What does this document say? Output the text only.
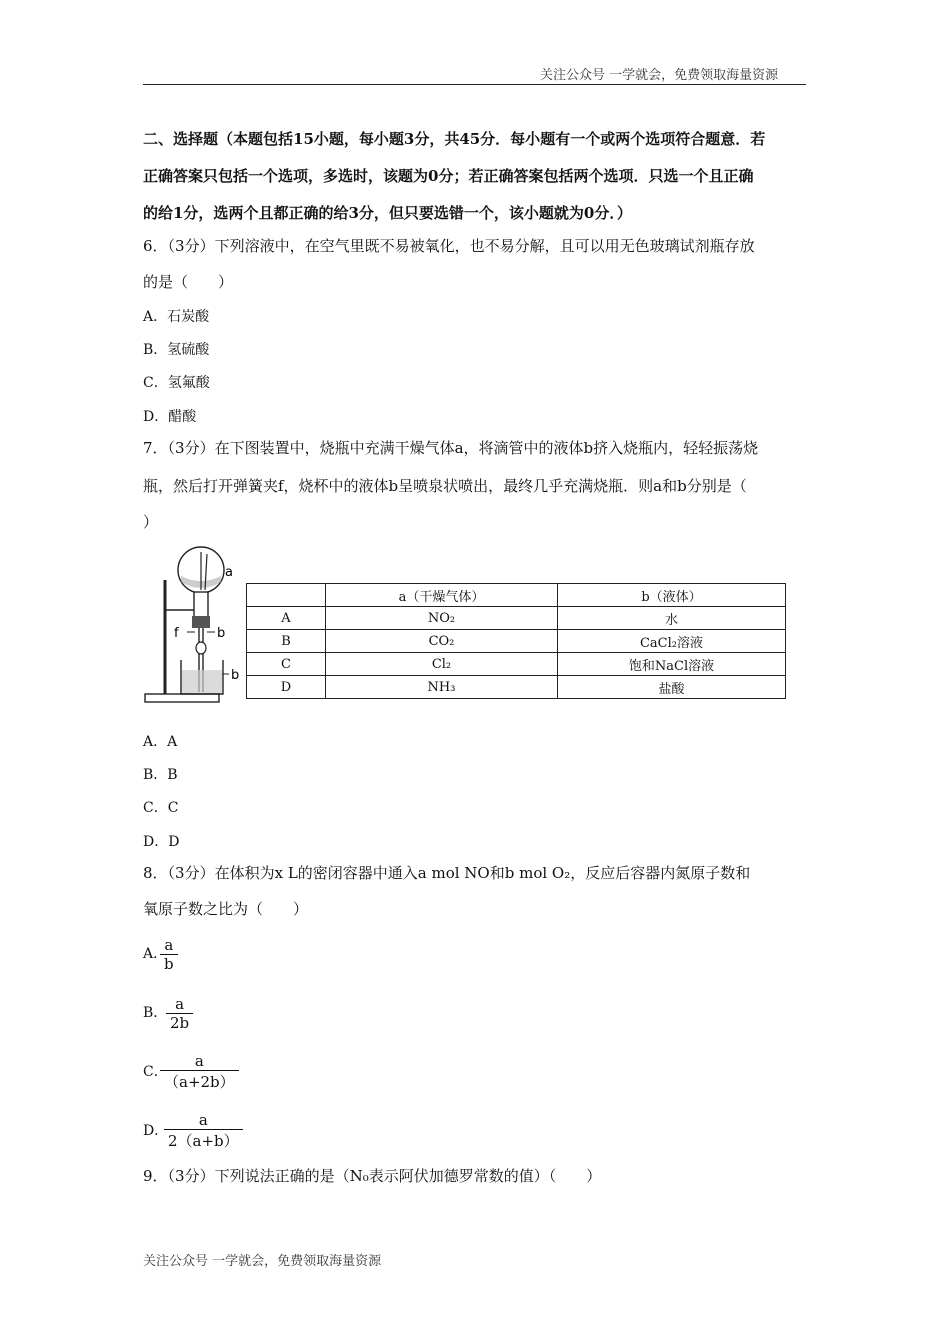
关注公众号 一学就会，免费领取海量资源
二、选择题（本题包括15小题，每小题3分，共45分．每小题有一个或两个选项符合题意．若
正确答案只包括一个选项，多选时，该题为0分；若正确答案包括两个选项．只选一个且正确
的给1分，选两个且都正确的给3分，但只要选错一个，该小题就为0分．）
6．（3分）下列溶液中，在空气里既不易被氧化，也不易分解，且可以用无色玻璃试剂瓶存放
的是（　　）
A．石炭酸
B．氢硫酸
C．氢氟酸
D．醋酸
7．（3分）在下图装置中，烧瓶中充满干燥气体a，将滴管中的液体b挤入烧瓶内，轻轻振荡烧
瓶，然后打开弹簧夹f，烧杯中的液体b呈喷泉状喷出，最终几乎充满烧瓶．则a和b分别是（
）
a
f	b
b
	a（干燥气体）	b（液体）
A	NO₂	水
B	CO₂	CaCl₂溶液
C	Cl₂	饱和NaCl溶液
D	NH₃	盐酸
A．A
B．B
C．C
D．D
8．（3分）在体积为x L的密闭容器中通入a mol NO和b mol O₂，反应后容器内氮原子数和
氧原子数之比为（　　）
A．
$\frac{a}{b}$
B．
$\frac{a}{2b}$
C．
$\frac{a}{(a+2b)}$
D．
$\frac{a}{2(a+b)}$
9．（3分）下列说法正确的是（N₀表示阿伏加德罗常数的值）（　　）
关注公众号 一学就会，免费领取海量资源
